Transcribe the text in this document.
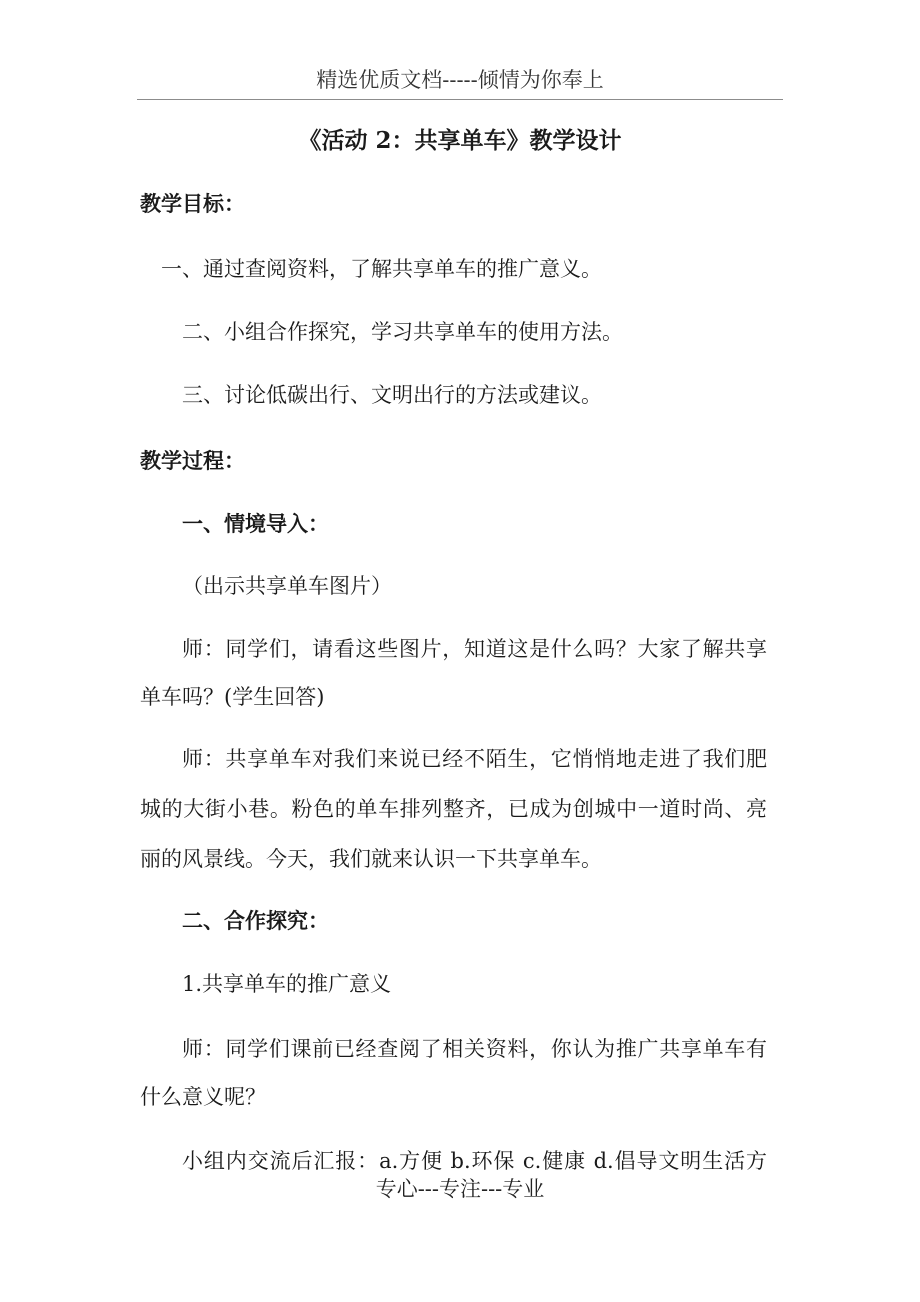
精选优质文档-----倾情为你奉上
《活动 2：共享单车》教学设计
教学目标：
一、通过查阅资料，了解共享单车的推广意义。
二、小组合作探究，学习共享单车的使用方法。
三、讨论低碳出行、文明出行的方法或建议。
教学过程：
一、情境导入：
（出示共享单车图片）
师：同学们，请看这些图片，知道这是什么吗？大家了解共享
单车吗？(学生回答)
师：共享单车对我们来说已经不陌生，它悄悄地走进了我们肥
城的大街小巷。粉色的单车排列整齐，已成为创城中一道时尚、亮
丽的风景线。今天，我们就来认识一下共享单车。
二、合作探究：
1.共享单车的推广意义
师：同学们课前已经查阅了相关资料，你认为推广共享单车有
什么意义呢？
小组内交流后汇报：a.方便 b.环保 c.健康 d.倡导文明生活方
专心---专注---专业
